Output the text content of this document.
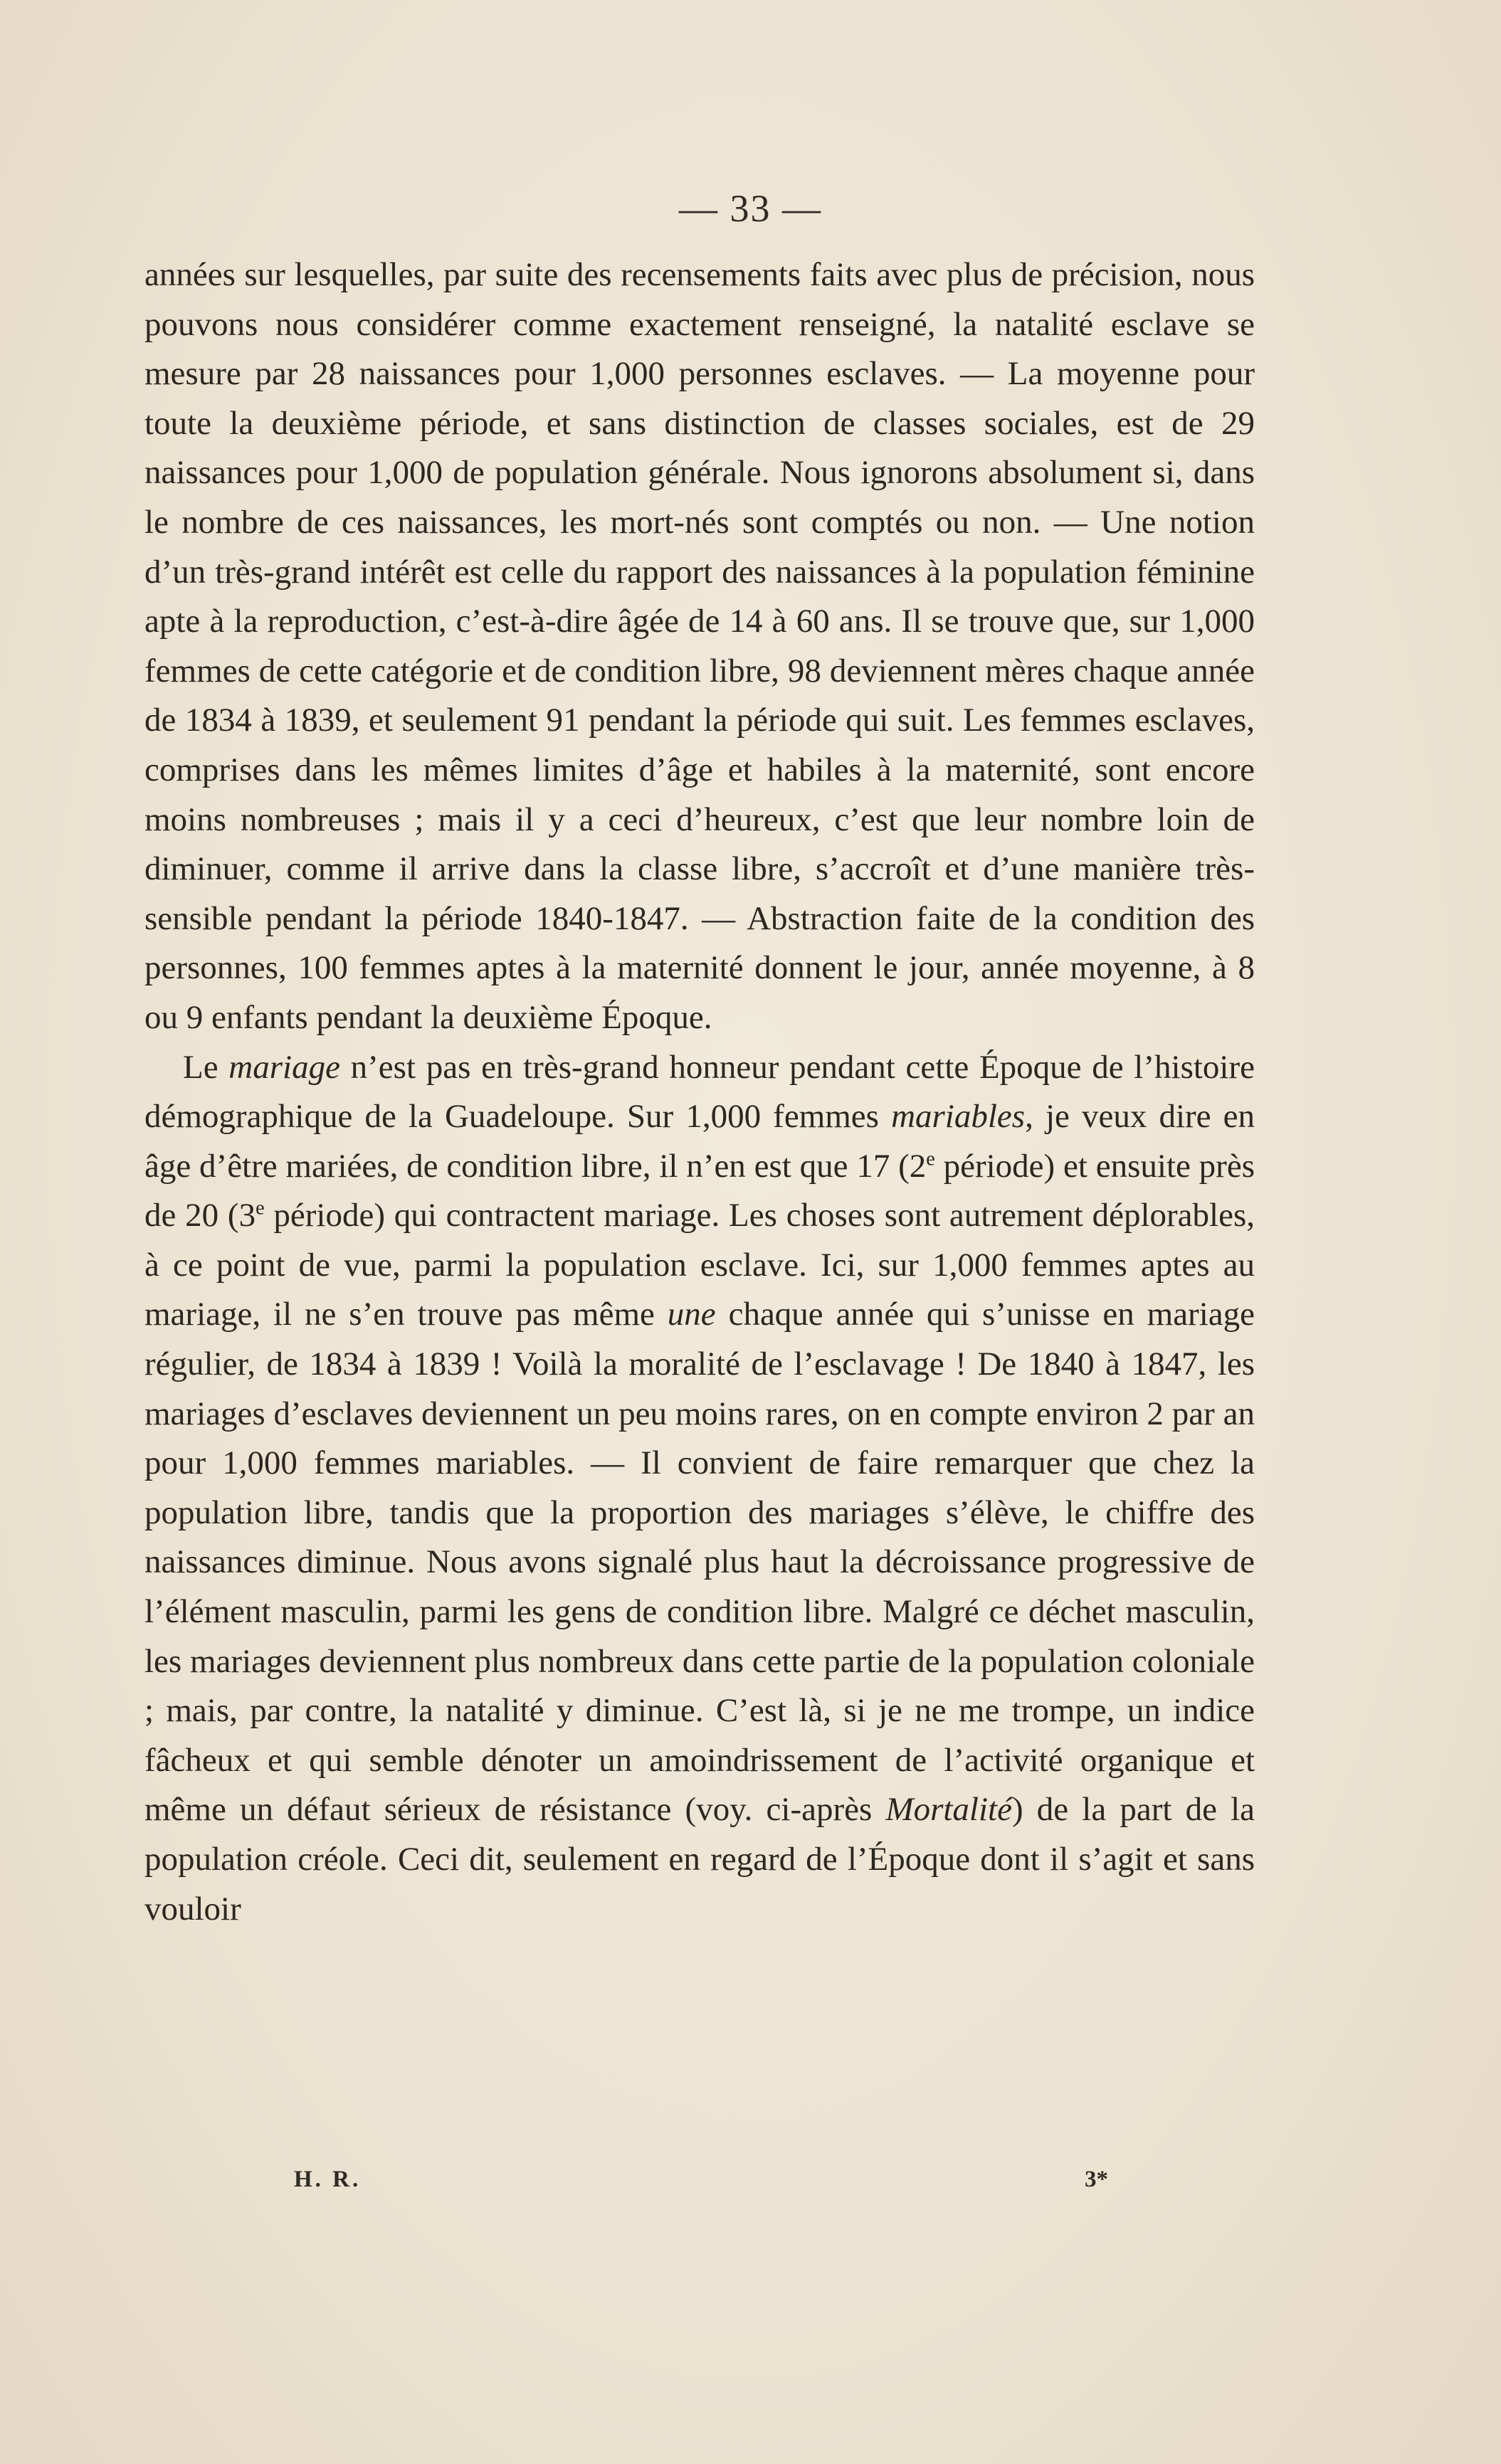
— 33 —

années sur lesquelles, par suite des recensements faits avec plus de précision, nous pouvons nous considérer comme exactement renseigné, la natalité esclave se mesure par 28 naissances pour 1,000 personnes esclaves. — La moyenne pour toute la deuxième période, et sans distinction de classes sociales, est de 29 naissances pour 1,000 de population générale. Nous ignorons absolument si, dans le nombre de ces naissances, les mort-nés sont comptés ou non. — Une notion d’un très-grand intérêt est celle du rapport des naissances à la population féminine apte à la reproduction, c’est-à-dire âgée de 14 à 60 ans. Il se trouve que, sur 1,000 femmes de cette catégorie et de condition libre, 98 deviennent mères chaque année de 1834 à 1839, et seulement 91 pendant la période qui suit. Les femmes esclaves, comprises dans les mêmes limites d’âge et habiles à la maternité, sont encore moins nombreuses ; mais il y a ceci d’heureux, c’est que leur nombre loin de diminuer, comme il arrive dans la classe libre, s’accroît et d’une manière très-sensible pendant la période 1840-1847. — Abstraction faite de la condition des personnes, 100 femmes aptes à la maternité donnent le jour, année moyenne, à 8 ou 9 enfants pendant la deuxième Époque.

Le mariage n’est pas en très-grand honneur pendant cette Époque de l’histoire démographique de la Guadeloupe. Sur 1,000 femmes mariables, je veux dire en âge d’être mariées, de condition libre, il n’en est que 17 (2e période) et ensuite près de 20 (3e période) qui contractent mariage. Les choses sont autrement déplorables, à ce point de vue, parmi la population esclave. Ici, sur 1,000 femmes aptes au mariage, il ne s’en trouve pas même une chaque année qui s’unisse en mariage régulier, de 1834 à 1839 ! Voilà la moralité de l’esclavage ! De 1840 à 1847, les mariages d’esclaves deviennent un peu moins rares, on en compte environ 2 par an pour 1,000 femmes mariables. — Il convient de faire remarquer que chez la population libre, tandis que la proportion des mariages s’élève, le chiffre des naissances diminue. Nous avons signalé plus haut la décroissance progressive de l’élément masculin, parmi les gens de condition libre. Malgré ce déchet masculin, les mariages deviennent plus nombreux dans cette partie de la population coloniale ; mais, par contre, la natalité y diminue. C’est là, si je ne me trompe, un indice fâcheux et qui semble dénoter un amoindrissement de l’activité organique et même un défaut sérieux de résistance (voy. ci-après Mortalité) de la part de la population créole. Ceci dit, seulement en regard de l’Époque dont il s’agit et sans vouloir

H. R.	3*
